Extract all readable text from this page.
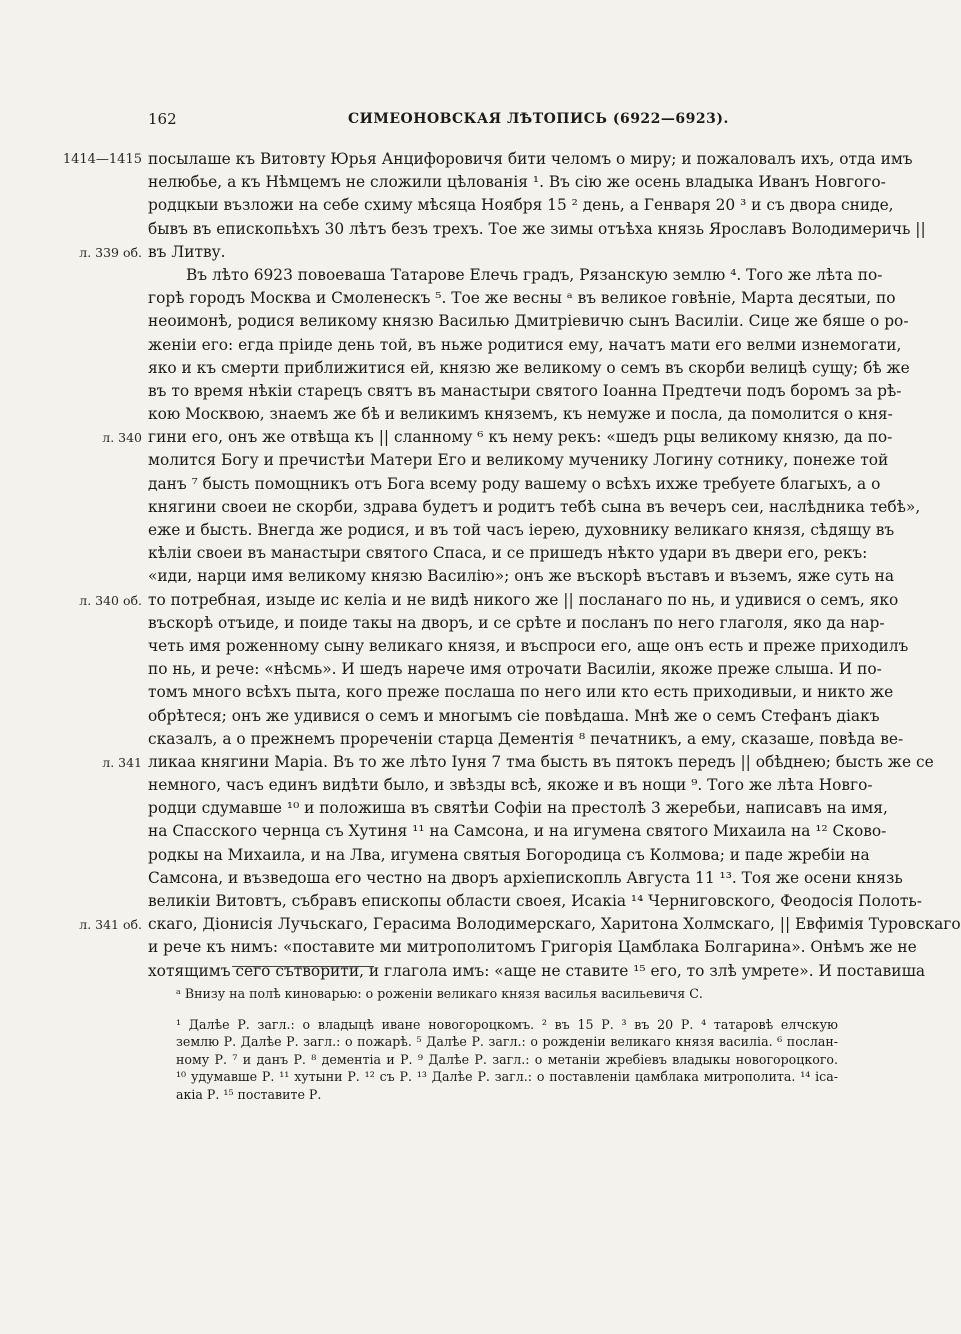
162	СИМЕОНОВСКАЯ ЛѢТОПИСЬ (6922—6923).
1414—1415 посылаше къ Витовту Юрья Анцифоровичя бити челомъ о миру; и пожаловалъ ихъ, отда имъ
нелюбье, а къ Нѣмцемъ не сложили цѣлованія ¹. Въ сію же осень владыка Иванъ Новгого-
родцкыи възложи на себе схиму мѣсяца Ноября 15 ² день, а Генваря 20 ³ и съ двора сниде,
бывъ въ епископьѣхъ 30 лѣтъ безъ трехъ. Тое же зимы отъѣха князь Ярославъ Володимеричь ||
л. 339 об. въ Литву.
Въ лѣто 6923 повоеваша Татарове Елечь градъ, Рязанскую землю ⁴. Того же лѣта по-
горѣ городъ Москва и Смоленескъ ⁵. Тое же весны ᵃ въ великое говѣніе, Марта десятыи, по
неоимонѣ, родися великому князю Василью Дмитріевичю сынъ Василіи. Сице же бяше о ро-
женіи его: егда пріиде день той, въ ньже родитися ему, начатъ мати его велми изнемогати,
яко и къ смерти приближитися ей, князю же великому о семъ въ скорби велицѣ сущу; бѣ же
въ то время нѣкіи старецъ святъ въ манастыри святого Іоанна Предтечи подъ боромъ за рѣ-
кою Москвою, знаемъ же бѣ и великимъ княземъ, къ немуже и посла, да помолится о кня-
л. 340 гини его, онъ же отвѣща къ || сланному ⁶ къ нему рекъ: «шедъ рцы великому князю, да по-
молится Богу и пречистѣи Матери Его и великому мученику Логину сотнику, понеже той
данъ ⁷ бысть помощникъ отъ Бога всему роду вашему о всѣхъ ихже требуете благыхъ, а о
княгини своеи не скорби, здрава будетъ и родитъ тебѣ сына въ вечеръ сеи, наслѣдника тебѣ»,
еже и бысть. Внегда же родися, и въ той часъ іерею, духовнику великаго князя, сѣдящу въ
кѣліи своеи въ манастыри святого Спаса, и се пришедъ нѣкто удари въ двери его, рекъ:
«иди, нарци имя великому князю Василію»; онъ же въскорѣ въставъ и въземъ, яже суть на
л. 340 об. то потребная, изыде ис келіа и не видѣ никого же || посланаго по нь, и удивися о семъ, яко
въскорѣ отъиде, и пoиде такы на дворъ, и се срѣте и посланъ по него глаголя, яко да нар-
четь имя роженному сыну великаго князя, и въспроси его, аще онъ есть и преже приходилъ
по нь, и рече: «нѣсмь». И шедъ нарече имя отрочати Василіи, якоже преже слыша. И по-
томъ много всѣхъ пыта, кого преже послаша по него или кто есть приходивыи, и никто же
обрѣтеся; онъ же удивися о семъ и многымъ сіе повѣдаша. Мнѣ же о семъ Стефанъ діакъ
сказалъ, а о прежнемъ прореченіи старца Дементія ⁸ печатникъ, а ему, сказаше, повѣда ве-
л. 341 ликаа княгини Маріа. Въ то же лѣто Іуня 7 тма бысть въ пятокъ передъ || обѣднею; бысть же се
немного, часъ единъ видѣти было, и звѣзды всѣ, якоже и въ нощи ⁹. Того же лѣта Новго-
родци сдумавше ¹⁰ и положиша въ святѣи Софіи на престолѣ 3 жеребьи, написавъ на имя,
на Спасского чернца съ Хутиня ¹¹ на Самсона, и на игумена святого Михаила на ¹² Сково-
родкы на Михаила, и на Лва, игумена святыя Богородица съ Колмова; и паде жребіи на
Самсона, и възведоша его честно на дворъ архіепископль Августа 11 ¹³. Тоя же осени князь
великіи Витовтъ, събравъ епископы области своея, Исакіа ¹⁴ Черниговского, Феодосія Полоть-
л. 341 об. скаго, Діонисія Лучьскаго, Герасима Володимерскаго, Харитона Холмскаго, || Евфимія Туровскаго
и рече къ нимъ: «поставите ми митрополитомъ Григорія Цамблака Болгарина». Онѣмъ же не
хотящимъ сего сътворити, и глагола имъ: «аще не ставите ¹⁵ его, то злѣ умрете». И поставиша
ᵃ Внизу на полѣ киноварью: о роженіи великаго князя василья васильевичя С.
¹ Далѣе Р. загл.: о владыцѣ иване новогороцкомъ. ² въ 15 Р. ³ въ 20 Р. ⁴ татаровѣ елчскую
землю Р. Далѣе Р. загл.: о пожарѣ. ⁵ Далѣе Р. загл.: о рожденіи великаго князя василіа. ⁶ послан-
ному Р. ⁷ и данъ Р. ⁸ дементіа и Р. ⁹ Далѣе Р. загл.: о метаніи жребіевъ владыкы новогороцкого.
¹⁰ удумавше Р. ¹¹ хутыни Р. ¹² съ Р. ¹³ Далѣе Р. загл.: о поставленіи цамблака митрополита. ¹⁴ ісa-
акіа Р. ¹⁵ поставите Р.
